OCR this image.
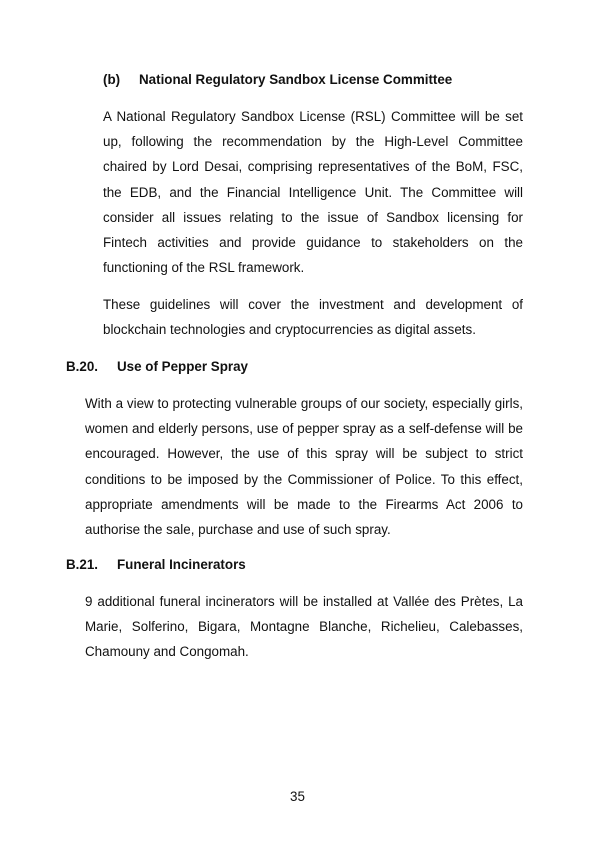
(b) National Regulatory Sandbox License Committee

A National Regulatory Sandbox License (RSL) Committee will be set up, following the recommendation by the High-Level Committee chaired by Lord Desai, comprising representatives of the BoM, FSC, the EDB, and the Financial Intelligence Unit. The Committee will consider all issues relating to the issue of Sandbox licensing for Fintech activities and provide guidance to stakeholders on the functioning of the RSL framework.

These guidelines will cover the investment and development of blockchain technologies and cryptocurrencies as digital assets.

B.20. Use of Pepper Spray

With a view to protecting vulnerable groups of our society, especially girls, women and elderly persons, use of pepper spray as a self-defense will be encouraged. However, the use of this spray will be subject to strict conditions to be imposed by the Commissioner of Police. To this effect, appropriate amendments will be made to the Firearms Act 2006 to authorise the sale, purchase and use of such spray.

B.21. Funeral Incinerators

9 additional funeral incinerators will be installed at Vallée des Prètes, La Marie, Solferino, Bigara, Montagne Blanche, Richelieu, Calebasses, Chamouny and Congomah.

35
